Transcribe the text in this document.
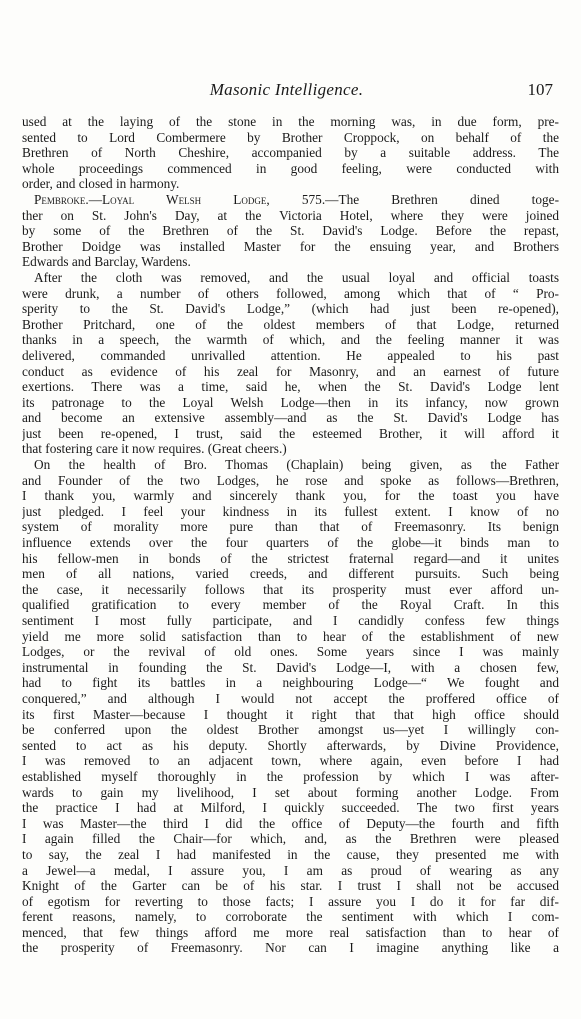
Masonic Intelligence.	107
used at the laying of the stone in the morning was, in due form, pre-
sented to Lord Combermere by Brother Croppock, on behalf of the
Brethren of North Cheshire, accompanied by a suitable address. The
whole proceedings commenced in good feeling, were conducted with
order, and closed in harmony.
Pembroke.—Loyal Welsh Lodge, 575.—The Brethren dined toge-
ther on St. John's Day, at the Victoria Hotel, where they were joined
by some of the Brethren of the St. David's Lodge. Before the repast,
Brother Doidge was installed Master for the ensuing year, and Brothers
Edwards and Barclay, Wardens.
After the cloth was removed, and the usual loyal and official toasts
were drunk, a number of others followed, among which that of “ Pro-
sperity to the St. David's Lodge,” (which had just been re-opened),
Brother Pritchard, one of the oldest members of that Lodge, returned
thanks in a speech, the warmth of which, and the feeling manner it was
delivered, commanded unrivalled attention. He appealed to his past
conduct as evidence of his zeal for Masonry, and an earnest of future
exertions. There was a time, said he, when the St. David's Lodge lent
its patronage to the Loyal Welsh Lodge—then in its infancy, now grown
and become an extensive assembly—and as the St. David's Lodge has
just been re-opened, I trust, said the esteemed Brother, it will afford it
that fostering care it now requires. (Great cheers.)
On the health of Bro. Thomas (Chaplain) being given, as the Father
and Founder of the two Lodges, he rose and spoke as follows—Brethren,
I thank you, warmly and sincerely thank you, for the toast you have
just pledged. I feel your kindness in its fullest extent. I know of no
system of morality more pure than that of Freemasonry. Its benign
influence extends over the four quarters of the globe—it binds man to
his fellow-men in bonds of the strictest fraternal regard—and it unites
men of all nations, varied creeds, and different pursuits. Such being
the case, it necessarily follows that its prosperity must ever afford un-
qualified gratification to every member of the Royal Craft. In this
sentiment I most fully participate, and I candidly confess few things
yield me more solid satisfaction than to hear of the establishment of new
Lodges, or the revival of old ones. Some years since I was mainly
instrumental in founding the St. David's Lodge—I, with a chosen few,
had to fight its battles in a neighbouring Lodge—“ We fought and
conquered,” and although I would not accept the proffered office of
its first Master—because I thought it right that that high office should
be conferred upon the oldest Brother amongst us—yet I willingly con-
sented to act as his deputy. Shortly afterwards, by Divine Providence,
I was removed to an adjacent town, where again, even before I had
established myself thoroughly in the profession by which I was after-
wards to gain my livelihood, I set about forming another Lodge. From
the practice I had at Milford, I quickly succeeded. The two first years
I was Master—the third I did the office of Deputy—the fourth and fifth
I again filled the Chair—for which, and, as the Brethren were pleased
to say, the zeal I had manifested in the cause, they presented me with
a Jewel—a medal, I assure you, I am as proud of wearing as any
Knight of the Garter can be of his star. I trust I shall not be accused
of egotism for reverting to those facts; I assure you I do it for far dif-
ferent reasons, namely, to corroborate the sentiment with which I com-
menced, that few things afford me more real satisfaction than to hear of
the prosperity of Freemasonry. Nor can I imagine anything like a
